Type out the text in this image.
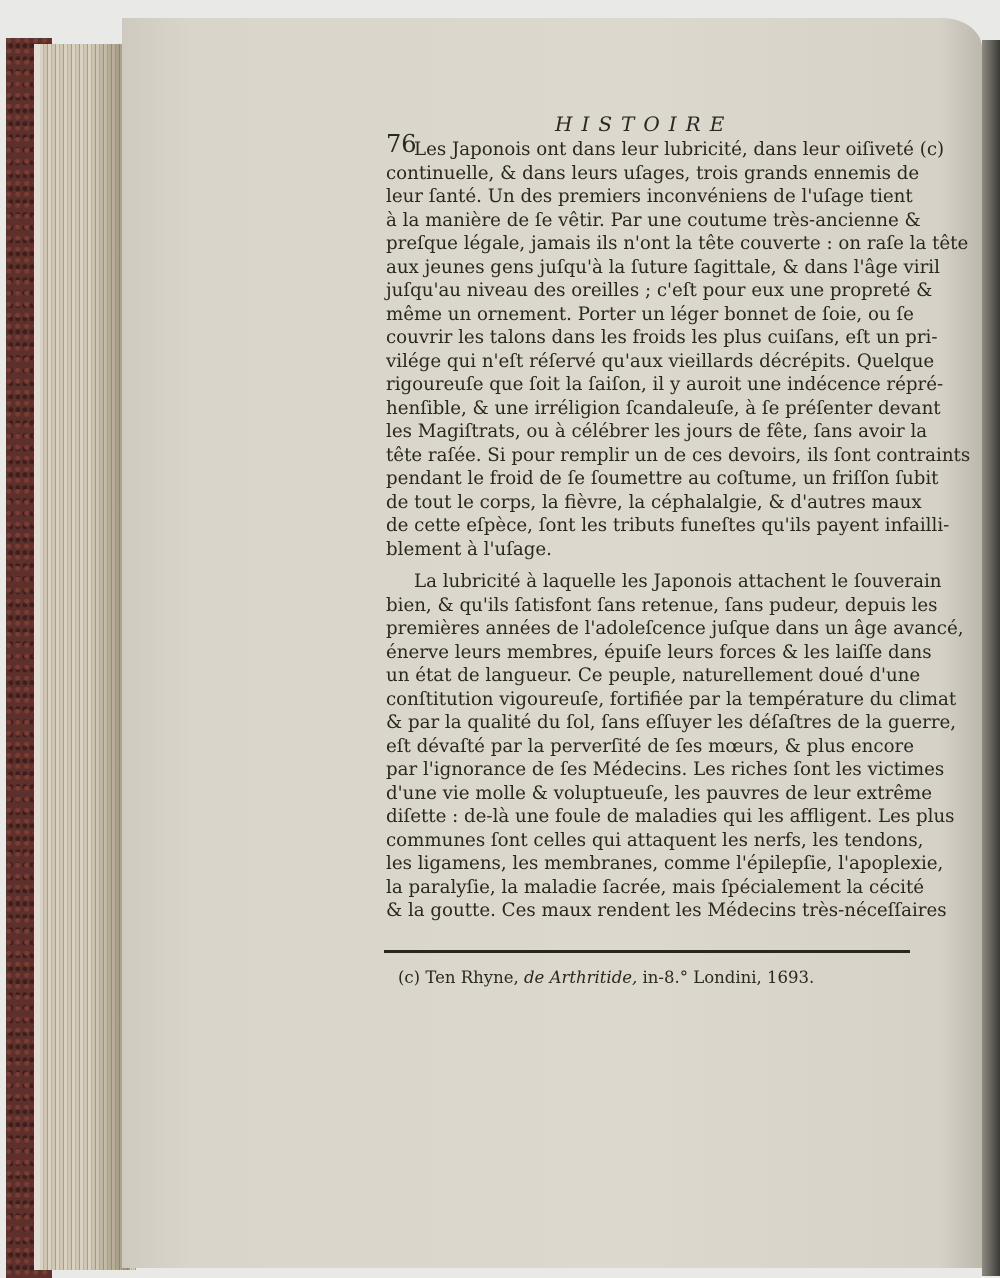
HISTOIRE
76
Les Japonois ont dans leur lubricité, dans leur oiſiveté (c)
continuelle, & dans leurs uſages, trois grands ennemis de
leur ſanté. Un des premiers inconvéniens de l'uſage tient
à la manière de ſe vêtir. Par une coutume très-ancienne &
preſque légale, jamais ils n'ont la tête couverte : on raſe la tête
aux jeunes gens juſqu'à la ſuture ſagittale, & dans l'âge viril
juſqu'au niveau des oreilles ; c'eſt pour eux une propreté &
même un ornement. Porter un léger bonnet de ſoie, ou ſe
couvrir les talons dans les froids les plus cuiſans, eſt un pri-
vilége qui n'eſt réſervé qu'aux vieillards décrépits. Quelque
rigoureuſe que ſoit la ſaiſon, il y auroit une indécence répré-
henſible, & une irréligion ſcandaleuſe, à ſe préſenter devant
les Magiſtrats, ou à célébrer les jours de fête, ſans avoir la
tête raſée. Si pour remplir un de ces devoirs, ils ſont contraints
pendant le froid de ſe ſoumettre au coſtume, un friſſon ſubit
de tout le corps, la fièvre, la céphalalgie, & d'autres maux
de cette eſpèce, ſont les tributs funeſtes qu'ils payent infailli-
blement à l'uſage.
La lubricité à laquelle les Japonois attachent le ſouverain
bien, & qu'ils ſatisfont ſans retenue, ſans pudeur, depuis les
premières années de l'adoleſcence juſque dans un âge avancé,
énerve leurs membres, épuiſe leurs forces & les laiſſe dans
un état de langueur. Ce peuple, naturellement doué d'une
conſtitution vigoureuſe, fortifiée par la température du climat
& par la qualité du ſol, ſans eſſuyer les déſaſtres de la guerre,
eſt dévaſté par la perverſité de ſes mœurs, & plus encore
par l'ignorance de ſes Médecins. Les riches ſont les victimes
d'une vie molle & voluptueuſe, les pauvres de leur extrême
diſette : de-là une foule de maladies qui les affligent. Les plus
communes ſont celles qui attaquent les nerfs, les tendons,
les ligamens, les membranes, comme l'épilepſie, l'apoplexie,
la paralyſie, la maladie ſacrée, mais ſpécialement la cécité
& la goutte. Ces maux rendent les Médecins très-néceſſaires
(c) Ten Rhyne, de Arthritide, in-8.° Londini, 1693.
